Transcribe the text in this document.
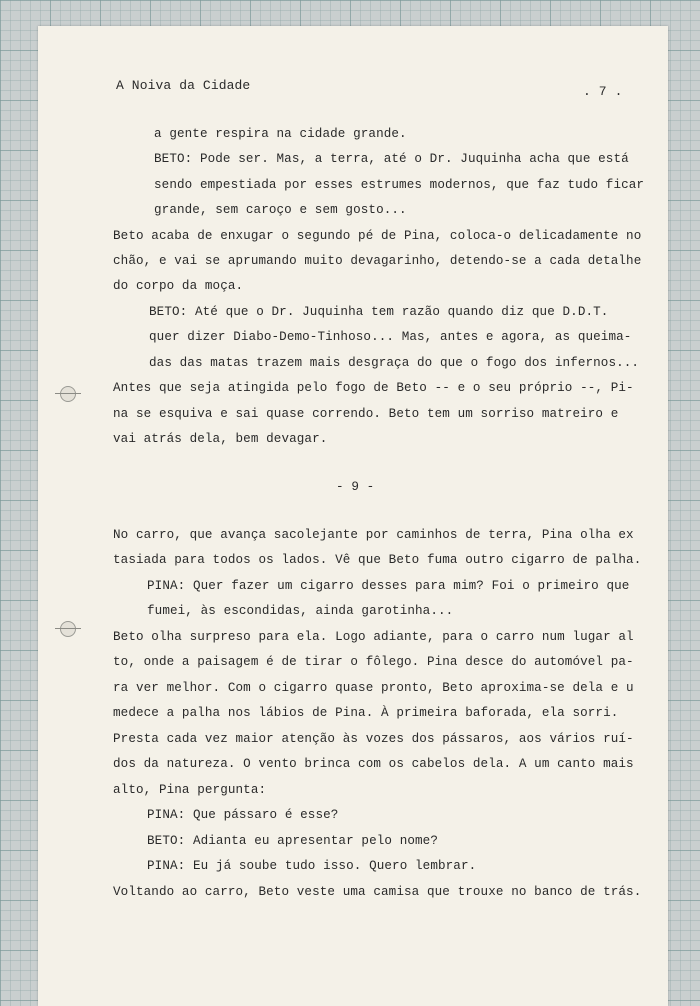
A Noiva da Cidade	. 7 .
a gente respira na cidade grande.
BETO: Pode ser. Mas, a terra, até o Dr. Juquinha acha que está
sendo empestiada por esses estrumes modernos, que faz tudo ficar
grande, sem caroço e sem gosto...
Beto acaba de enxugar o segundo pé de Pina, coloca-o delicadamente no
chão, e vai se aprumando muito devagarinho, detendo-se a cada detalhe
do corpo da moça.
BETO: Até que o Dr. Juquinha tem razão quando diz que D.D.T.
quer dizer Diabo-Demo-Tinhoso... Mas, antes e agora, as queima-
das das matas trazem mais desgraça do que o fogo dos infernos...
Antes que seja atingida pelo fogo de Beto -- e o seu próprio --, Pi-
na se esquiva e sai quase correndo. Beto tem um sorriso matreiro e
vai atrás dela, bem devagar.
- 9 -
No carro, que avança sacolejante por caminhos de terra, Pina olha ex
tasiada para todos os lados. Vê que Beto fuma outro cigarro de palha.
PINA: Quer fazer um cigarro desses para mim? Foi o primeiro que
fumei, às escondidas, ainda garotinha...
Beto olha surpreso para ela. Logo adiante, para o carro num lugar al
to, onde a paisagem é de tirar o fôlego. Pina desce do automóvel pa-
ra ver melhor. Com o cigarro quase pronto, Beto aproxima-se dela e u
medece a palha nos lábios de Pina. À primeira baforada, ela sorri.
Presta cada vez maior atenção às vozes dos pássaros, aos vários ruí-
dos da natureza. O vento brinca com os cabelos dela. A um canto mais
alto, Pina pergunta:
PINA: Que pássaro é esse?
BETO: Adianta eu apresentar pelo nome?
PINA: Eu já soube tudo isso. Quero lembrar.
Voltando ao carro, Beto veste uma camisa que trouxe no banco de trás.
